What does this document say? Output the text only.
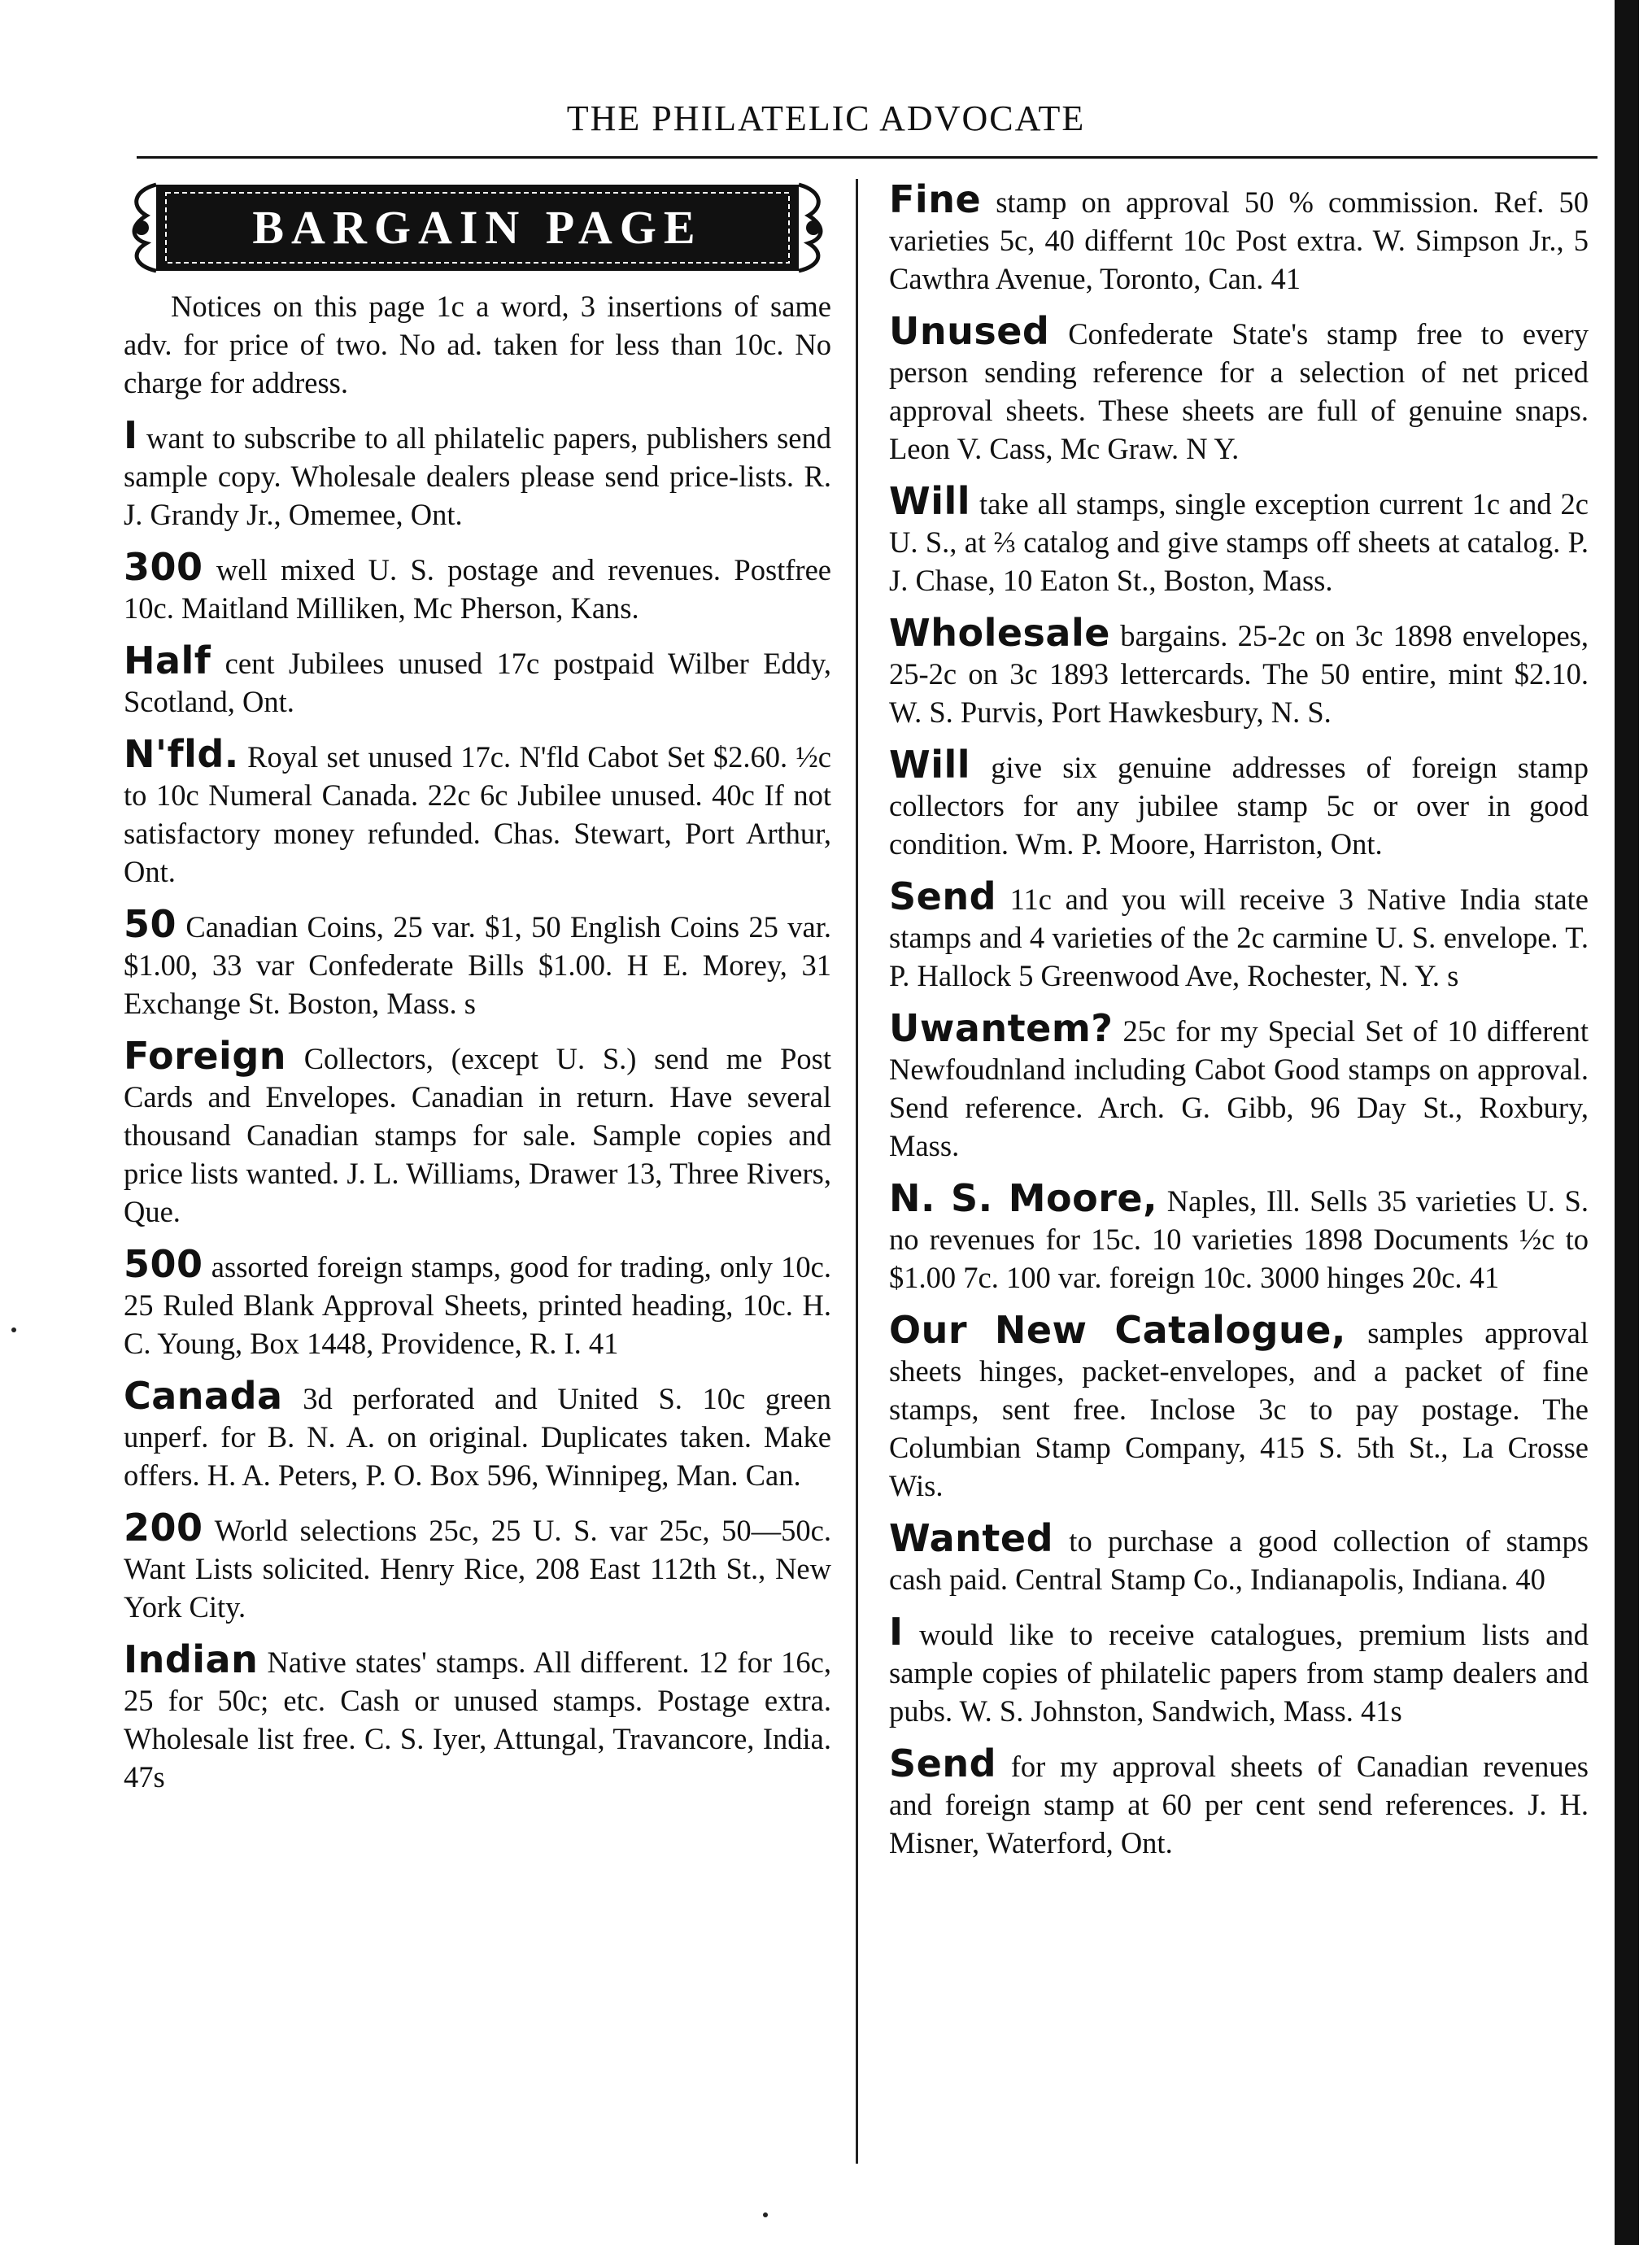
THE PHILATELIC ADVOCATE
BARGAIN PAGE

Notices on this page 1c a word, 3 insertions of same adv. for price of two. No ad. taken for less than 10c. No charge for address.

I want to subscribe to all philatelic papers, publishers send sample copy. Wholesale dealers please send price-lists. R. J. Grandy Jr., Omemee, Ont.

300 well mixed U. S. postage and revenues. Postfree 10c. Maitland Milliken, Mc Pherson, Kans.

Half cent Jubilees unused 17c postpaid Wilber Eddy, Scotland, Ont.

N'fld. Royal set unused 17c. N'fld Cabot Set $2.60. ½c to 10c Numeral Canada. 22c 6c Jubilee unused. 40c If not satisfactory money refunded. Chas. Stewart, Port Arthur, Ont.

50 Canadian Coins, 25 var. $1, 50 English Coins 25 var. $1.00, 33 var Confederate Bills $1.00. H E. Morey, 31 Exchange St. Boston, Mass. s

Foreign Collectors, (except U. S.) send me Post Cards and Envelopes. Canadian in return. Have several thousand Canadian stamps for sale. Sample copies and price lists wanted. J. L. Williams, Drawer 13, Three Rivers, Que.

500 assorted foreign stamps, good for trading, only 10c. 25 Ruled Blank Approval Sheets, printed heading, 10c. H. C. Young, Box 1448, Providence, R. I. 41

Canada 3d perforated and United S. 10c green unperf. for B. N. A. on original. Duplicates taken. Make offers. H. A. Peters, P. O. Box 596, Winnipeg, Man. Can.

200 World selections 25c, 25 U. S. var 25c, 50—50c. Want Lists solicited. Henry Rice, 208 East 112th St., New York City.

Indian Native states' stamps. All different. 12 for 16c, 25 for 50c; etc. Cash or unused stamps. Postage extra. Wholesale list free. C. S. Iyer, Attungal, Travancore, India. 47s

Fine stamp on approval 50 % commission. Ref. 50 varieties 5c, 40 differnt 10c Post extra. W. Simpson Jr., 5 Cawthra Avenue, Toronto, Can. 41

Unused Confederate State's stamp free to every person sending reference for a selection of net priced approval sheets. These sheets are full of genuine snaps. Leon V. Cass, Mc Graw. N Y.

Will take all stamps, single exception current 1c and 2c U. S., at ⅔ catalog and give stamps off sheets at catalog. P. J. Chase, 10 Eaton St., Boston, Mass.

Wholesale bargains. 25-2c on 3c 1898 envelopes, 25-2c on 3c 1893 lettercards. The 50 entire, mint $2.10. W. S. Purvis, Port Hawkesbury, N. S.

Will give six genuine addresses of foreign stamp collectors for any jubilee stamp 5c or over in good condition. Wm. P. Moore, Harriston, Ont.

Send 11c and you will receive 3 Native India state stamps and 4 varieties of the 2c carmine U. S. envelope. T. P. Hallock 5 Greenwood Ave, Rochester, N. Y. s

Uwantem? 25c for my Special Set of 10 different Newfoudnland including Cabot Good stamps on approval. Send reference. Arch. G. Gibb, 96 Day St., Roxbury, Mass.

N. S. Moore, Naples, Ill. Sells 35 varieties U. S. no revenues for 15c. 10 varieties 1898 Documents ½c to $1.00 7c. 100 var. foreign 10c. 3000 hinges 20c. 41

Our New Catalogue, samples approval sheets hinges, packet-envelopes, and a packet of fine stamps, sent free. Inclose 3c to pay postage. The Columbian Stamp Company, 415 S. 5th St., La Crosse Wis.

Wanted to purchase a good collection of stamps cash paid. Central Stamp Co., Indianapolis, Indiana. 40

I would like to receive catalogues, premium lists and sample copies of philatelic papers from stamp dealers and pubs. W. S. Johnston, Sandwich, Mass. 41s

Send for my approval sheets of Canadian revenues and foreign stamp at 60 per cent send references. J. H. Misner, Waterford, Ont.
